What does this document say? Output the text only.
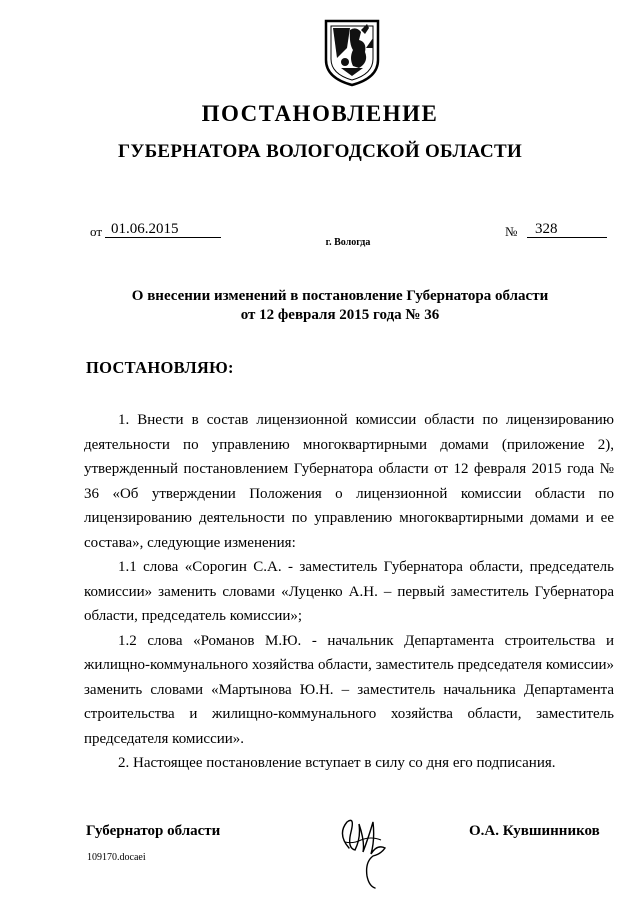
ПОСТАНОВЛЕНИЕ
ГУБЕРНАТОРА ВОЛОГОДСКОЙ ОБЛАСТИ
от 01.06.2015	№	328
г. Вологда
О внесении изменений в постановление Губернатора области
от 12 февраля 2015 года № 36
ПОСТАНОВЛЯЮ:

1. Внести в состав лицензионной комиссии области по лицензированию деятельности по управлению многоквартирными домами (приложение 2), утвержденный постановлением Губернатора области от 12 февраля 2015 года № 36 «Об утверждении Положения о лицензионной комиссии области по лицензированию деятельности по управлению многоквартирными домами и ее состава», следующие изменения:

1.1 слова «Сорогин С.А. - заместитель Губернатора области, председатель комиссии» заменить словами «Луценко А.Н. – первый заместитель Губернатора области, председатель комиссии»;

1.2 слова «Романов М.Ю. - начальник Департамента строительства и жилищно-коммунального хозяйства области, заместитель председателя комиссии» заменить словами «Мартынова Ю.Н. – заместитель начальника Департамента строительства и жилищно-коммунального хозяйства области, заместитель председателя комиссии».

2. Настоящее постановление вступает в силу со дня его подписания.

Губернатор области	О.А. Кувшинников
109170.docaei
